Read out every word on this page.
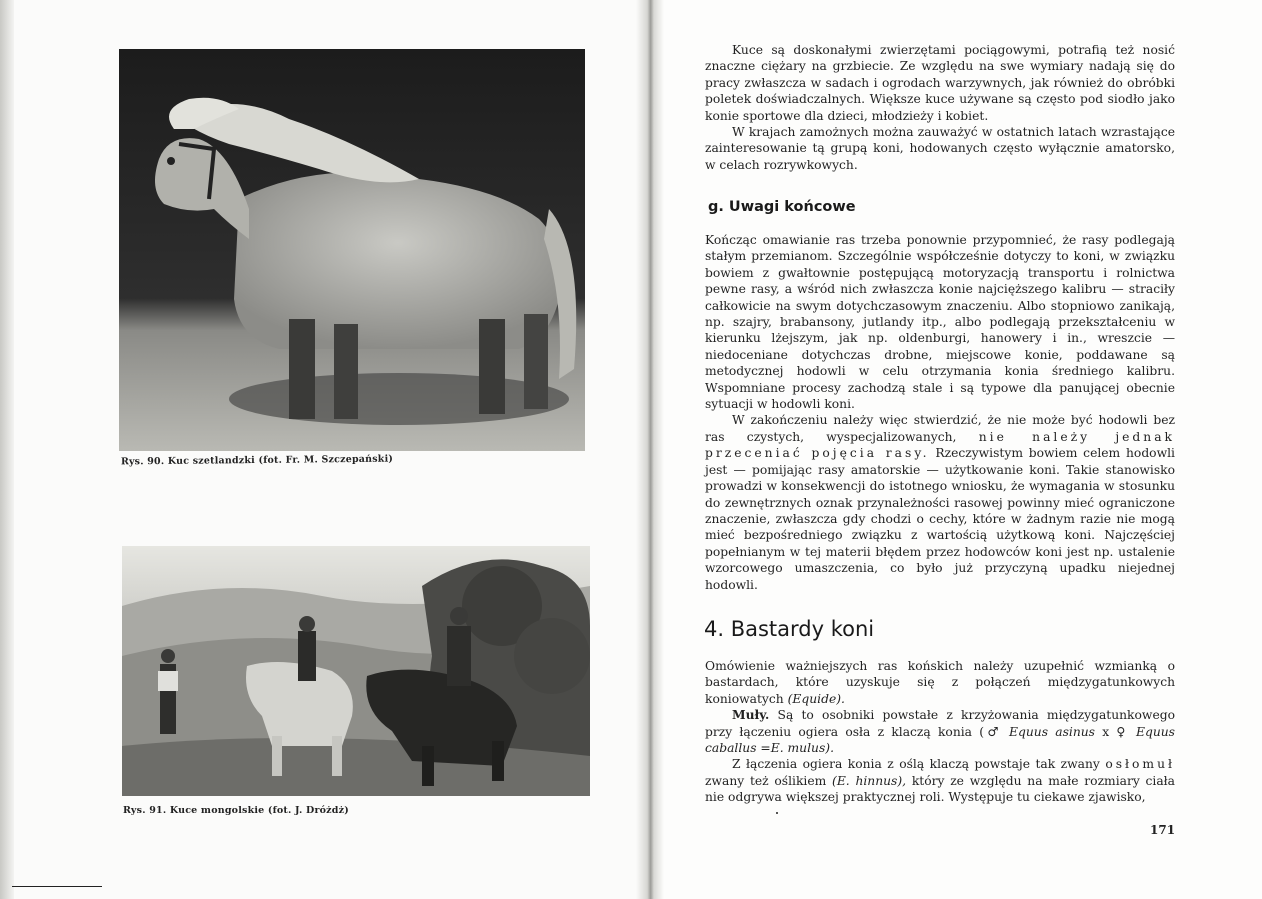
Rys. 90. Kuc szetlandzki (fot. Fr. M. Szczepański)
Rys. 91. Kuce mongolskie (fot. J. Dróżdż)

Kuce są doskonałymi zwierzętami pociągowymi, potrafią też nosić znaczne ciężary na grzbiecie. Ze względu na swe wymiary nadają się do pracy zwłaszcza w sadach i ogrodach warzywnych, jak również do obróbki poletek doświadczalnych. Większe kuce używane są często pod siodło jako konie sportowe dla dzieci, młodzieży i kobiet.

W krajach zamożnych można zauważyć w ostatnich latach wzrastające zainteresowanie tą grupą koni, hodowanych często wyłącznie amatorsko, w celach rozrywkowych.

g. Uwagi końcowe

Kończąc omawianie ras trzeba ponownie przypomnieć, że rasy podlegają stałym przemianom. Szczególnie współcześnie dotyczy to koni, w związku bowiem z gwałtownie postępującą motoryzacją transportu i rolnictwa pewne rasy, a wśród nich zwłaszcza konie najcięższego kalibru — straciły całkowicie na swym dotychczasowym znaczeniu. Albo stopniowo zanikają, np. szajry, brabansony, jutlandy itp., albo podlegają przekształceniu w kierunku lżejszym, jak np. oldenburgi, hanowery i in., wreszcie — niedoceniane dotychczas drobne, miejscowe konie, poddawane są metodycznej hodowli w celu otrzymania konia średniego kalibru. Wspomniane procesy zachodzą stale i są typowe dla panującej obecnie sytuacji w hodowli koni.

W zakończeniu należy więc stwierdzić, że nie może być hodowli bez ras czystych, wyspecjalizowanych, nie należy jednak przeceniać pojęcia rasy. Rzeczywistym bowiem celem hodowli jest — pomijając rasy amatorskie — użytkowanie koni. Takie stanowisko prowadzi w konsekwencji do istotnego wniosku, że wymagania w stosunku do zewnętrznych oznak przynależności rasowej powinny mieć ograniczone znaczenie, zwłaszcza gdy chodzi o cechy, które w żadnym razie nie mogą mieć bezpośredniego związku z wartością użytkową koni. Najczęściej popełnianym w tej materii błędem przez hodowców koni jest np. ustalenie wzorcowego umaszczenia, co było już przyczyną upadku niejednej hodowli.

4. Bastardy koni

Omówienie ważniejszych ras końskich należy uzupełnić wzmianką o bastardach, które uzyskuje się z połączeń międzygatunkowych koniowatych (Equide).

Muły. Są to osobniki powstałe z krzyżowania międzygatunkowego przy łączeniu ogiera osła z klaczą konia (♂ Equus asinus x ♀ Equus caballus =E. mulus).

Z łączenia ogiera konia z oślą klaczą powstaje tak zwany osłomuł zwany też oślikiem (E. hinnus), który ze względu na małe rozmiary ciała nie odgrywa większej praktycznej roli. Występuje tu ciekawe zjawisko,

171
